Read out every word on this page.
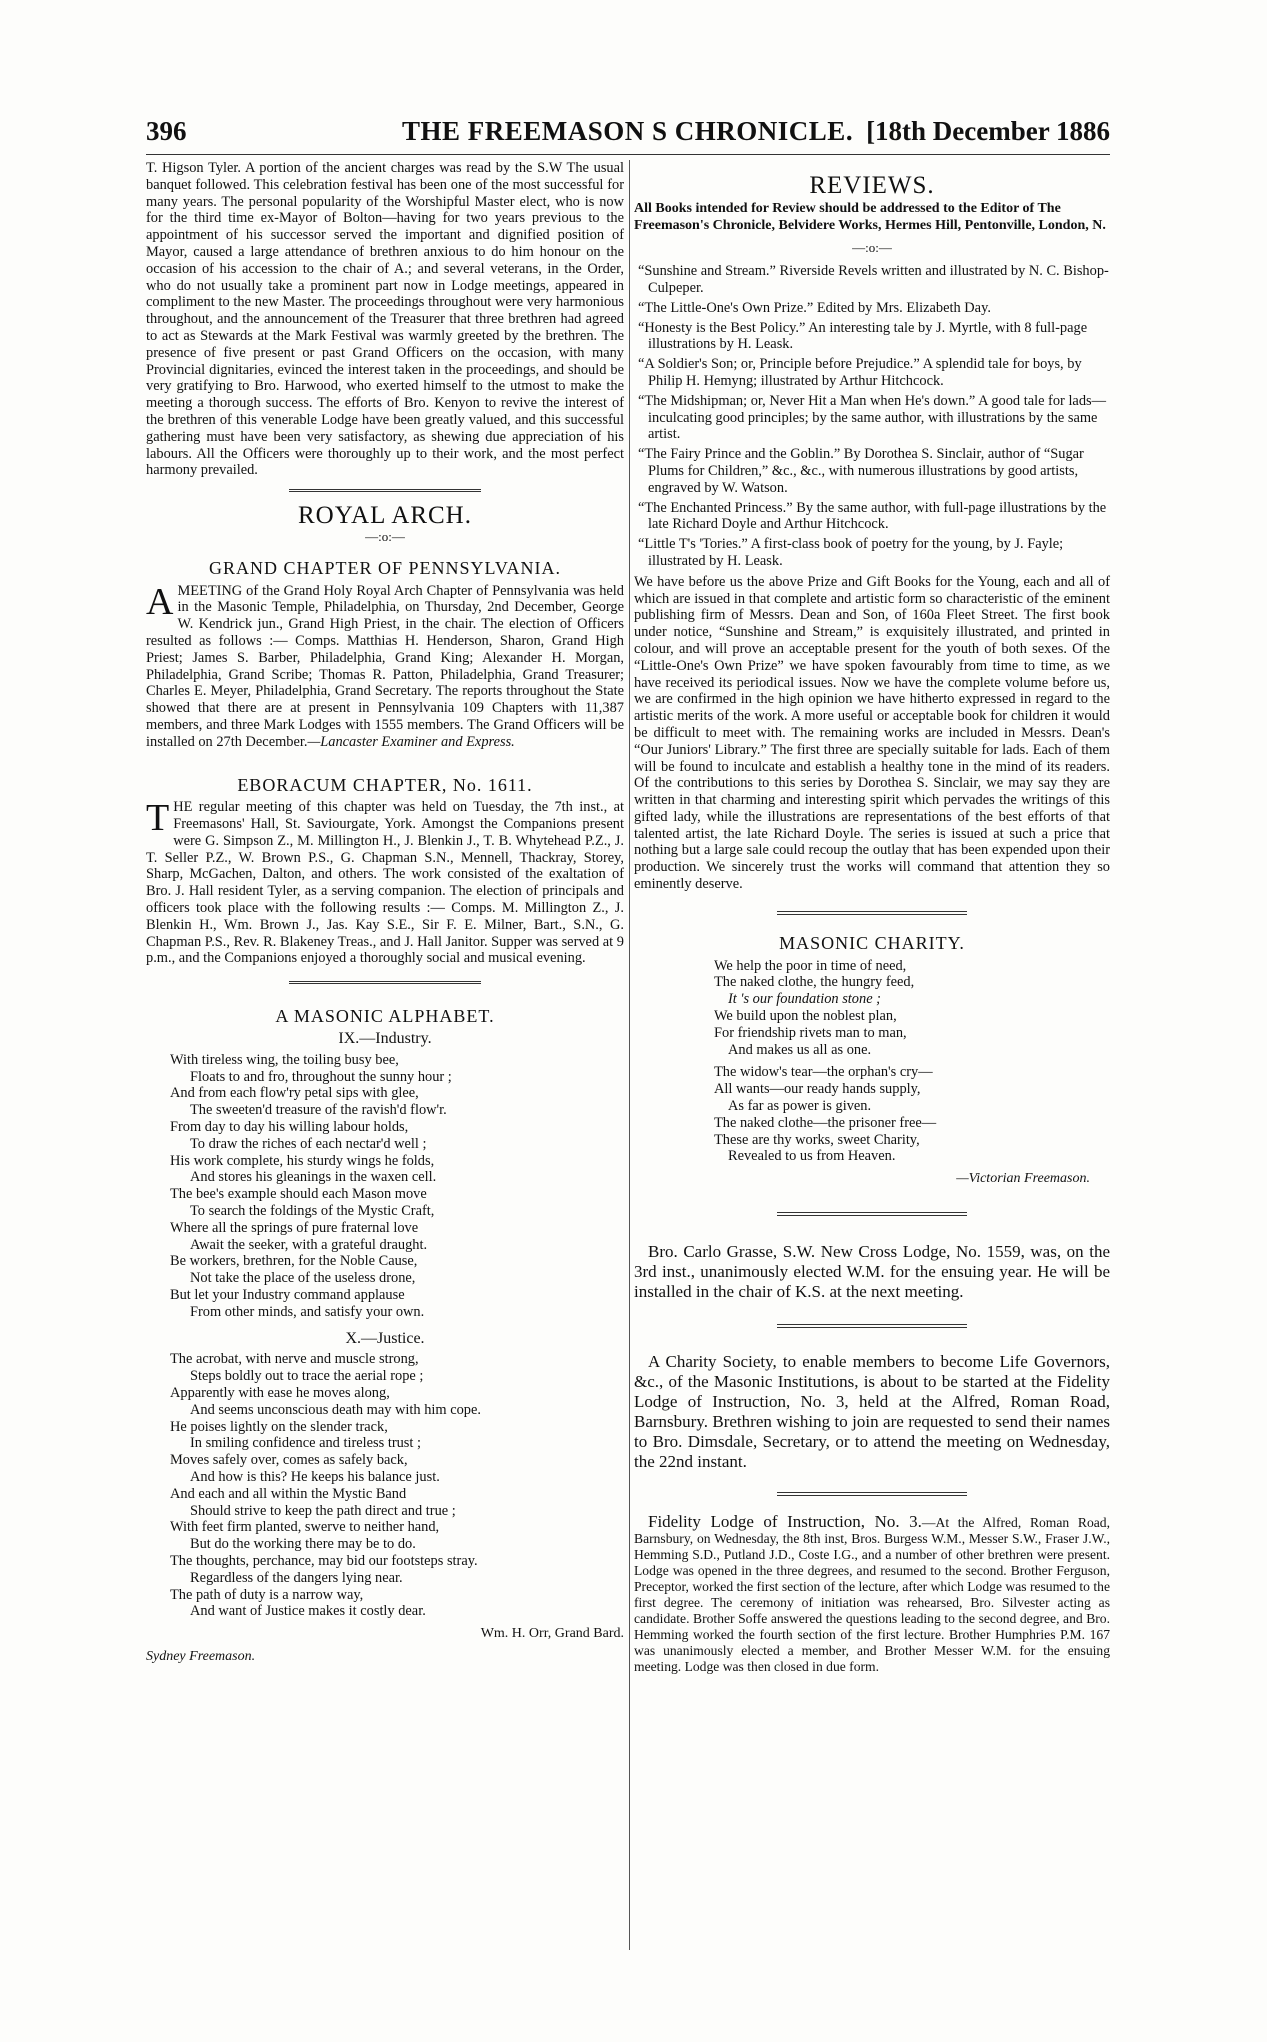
396	THE FREEMASON S CHRONICLE. [18th December 1886

T. Higson Tyler. A portion of the ancient charges was read by the S.W The usual banquet followed. This celebration festival has been one of the most successful for many years. The personal popularity of the Worshipful Master elect, who is now for the third time ex-Mayor of Bolton—having for two years previous to the appointment of his successor served the important and dignified position of Mayor, caused a large attendance of brethren anxious to do him honour on the occasion of his accession to the chair of A.; and several veterans, in the Order, who do not usually take a prominent part now in Lodge meetings, appeared in compliment to the new Master. The proceedings throughout were very harmonious throughout, and the announcement of the Treasurer that three brethren had agreed to act as Stewards at the Mark Festival was warmly greeted by the brethren. The presence of five present or past Grand Officers on the occasion, with many Provincial dignitaries, evinced the interest taken in the proceedings, and should be very gratifying to Bro. Harwood, who exerted himself to the utmost to make the meeting a thorough success. The efforts of Bro. Kenyon to revive the interest of the brethren of this venerable Lodge have been greatly valued, and this successful gathering must have been very satisfactory, as shewing due appreciation of his labours. All the Officers were thoroughly up to their work, and the most perfect harmony prevailed.

ROYAL ARCH.
—:o:—
GRAND CHAPTER OF PENNSYLVANIA.

AMEETING of the Grand Holy Royal Arch Chapter of Pennsylvania was held in the Masonic Temple, Philadelphia, on Thursday, 2nd December, George W. Kendrick jun., Grand High Priest, in the chair. The election of Officers resulted as follows :— Comps. Matthias H. Henderson, Sharon, Grand High Priest; James S. Barber, Philadelphia, Grand King; Alexander H. Morgan, Philadelphia, Grand Scribe; Thomas R. Patton, Philadelphia, Grand Treasurer; Charles E. Meyer, Philadelphia, Grand Secretary. The reports throughout the State showed that there are at present in Pennsylvania 109 Chapters with 11,387 members, and three Mark Lodges with 1555 members. The Grand Officers will be installed on 27th December.—Lancaster Examiner and Express.

EBORACUM CHAPTER, No. 1611.

THE regular meeting of this chapter was held on Tuesday, the 7th inst., at Freemasons' Hall, St. Saviourgate, York. Amongst the Companions present were G. Simpson Z., M. Millington H., J. Blenkin J., T. B. Whytehead P.Z., J. T. Seller P.Z., W. Brown P.S., G. Chapman S.N., Mennell, Thackray, Storey, Sharp, McGachen, Dalton, and others. The work consisted of the exaltation of Bro. J. Hall resident Tyler, as a serving companion. The election of principals and officers took place with the following results :— Comps. M. Millington Z., J. Blenkin H., Wm. Brown J., Jas. Kay S.E., Sir F. E. Milner, Bart., S.N., G. Chapman P.S., Rev. R. Blakeney Treas., and J. Hall Janitor. Supper was served at 9 p.m., and the Companions enjoyed a thoroughly social and musical evening.

A MASONIC ALPHABET.
IX.—Industry.
With tireless wing, the toiling busy bee,
Floats to and fro, throughout the sunny hour ;
And from each flow'ry petal sips with glee,
The sweeten'd treasure of the ravish'd flow'r.
From day to day his willing labour holds,
To draw the riches of each nectar'd well ;
His work complete, his sturdy wings he folds,
And stores his gleanings in the waxen cell.
The bee's example should each Mason move
To search the foldings of the Mystic Craft,
Where all the springs of pure fraternal love
Await the seeker, with a grateful draught.
Be workers, brethren, for the Noble Cause,
Not take the place of the useless drone,
But let your Industry command applause
From other minds, and satisfy your own.
X.—Justice.
The acrobat, with nerve and muscle strong,
Steps boldly out to trace the aerial rope ;
Apparently with ease he moves along,
And seems unconscious death may with him cope.
He poises lightly on the slender track,
In smiling confidence and tireless trust ;
Moves safely over, comes as safely back,
And how is this? He keeps his balance just.
And each and all within the Mystic Band
Should strive to keep the path direct and true ;
With feet firm planted, swerve to neither hand,
But do the working there may be to do.
The thoughts, perchance, may bid our footsteps stray.
Regardless of the dangers lying near.
The path of duty is a narrow way,
And want of Justice makes it costly dear.
Wm. H. Orr, Grand Bard.
Sydney Freemason.
REVIEWS.
All Books intended for Review should be addressed to the Editor of The Freemason's Chronicle, Belvidere Works, Hermes Hill, Pentonville, London, N.
—:o:—
“Sunshine and Stream.” Riverside Revels written and illustrated by N. C. Bishop-Culpeper.
“The Little-One's Own Prize.” Edited by Mrs. Elizabeth Day.
“Honesty is the Best Policy.” An interesting tale by J. Myrtle, with 8 full-page illustrations by H. Leask.
“A Soldier's Son; or, Principle before Prejudice.” A splendid tale for boys, by Philip H. Hemyng; illustrated by Arthur Hitchcock.
“The Midshipman; or, Never Hit a Man when He's down.” A good tale for lads—inculcating good principles; by the same author, with illustrations by the same artist.
“The Fairy Prince and the Goblin.” By Dorothea S. Sinclair, author of “Sugar Plums for Children,” &c., &c., with numerous illustrations by good artists, engraved by W. Watson.
“The Enchanted Princess.” By the same author, with full-page illustrations by the late Richard Doyle and Arthur Hitchcock.
“Little T's 'Tories.” A first-class book of poetry for the young, by J. Fayle; illustrated by H. Leask.

We have before us the above Prize and Gift Books for the Young, each and all of which are issued in that complete and artistic form so characteristic of the eminent publishing firm of Messrs. Dean and Son, of 160a Fleet Street. The first book under notice, “Sunshine and Stream,” is exquisitely illustrated, and printed in colour, and will prove an acceptable present for the youth of both sexes. Of the “Little-One's Own Prize” we have spoken favourably from time to time, as we have received its periodical issues. Now we have the complete volume before us, we are confirmed in the high opinion we have hitherto expressed in regard to the artistic merits of the work. A more useful or acceptable book for children it would be difficult to meet with. The remaining works are included in Messrs. Dean's “Our Juniors' Library.” The first three are specially suitable for lads. Each of them will be found to inculcate and establish a healthy tone in the mind of its readers. Of the contributions to this series by Dorothea S. Sinclair, we may say they are written in that charming and interesting spirit which pervades the writings of this gifted lady, while the illustrations are representations of the best efforts of that talented artist, the late Richard Doyle. The series is issued at such a price that nothing but a large sale could recoup the outlay that has been expended upon their production. We sincerely trust the works will command that attention they so eminently deserve.

MASONIC CHARITY.
We help the poor in time of need,
The naked clothe, the hungry feed,
It 's our foundation stone ;
We build upon the noblest plan,
For friendship rivets man to man,
And makes us all as one.
The widow's tear—the orphan's cry—
All wants—our ready hands supply,
As far as power is given.
The naked clothe—the prisoner free—
These are thy works, sweet Charity,
Revealed to us from Heaven.
—Victorian Freemason.

Bro. Carlo Grasse, S.W. New Cross Lodge, No. 1559, was, on the 3rd inst., unanimously elected W.M. for the ensuing year. He will be installed in the chair of K.S. at the next meeting.

A Charity Society, to enable members to become Life Governors, &c., of the Masonic Institutions, is about to be started at the Fidelity Lodge of Instruction, No. 3, held at the Alfred, Roman Road, Barnsbury. Brethren wishing to join are requested to send their names to Bro. Dimsdale, Secretary, or to attend the meeting on Wednesday, the 22nd instant.

Fidelity Lodge of Instruction, No. 3.—At the Alfred, Roman Road, Barnsbury, on Wednesday, the 8th inst, Bros. Burgess W.M., Messer S.W., Fraser J.W., Hemming S.D., Putland J.D., Coste I.G., and a number of other brethren were present. Lodge was opened in the three degrees, and resumed to the second. Brother Ferguson, Preceptor, worked the first section of the lecture, after which Lodge was resumed to the first degree. The ceremony of initiation was rehearsed, Bro. Silvester acting as candidate. Brother Soffe answered the questions leading to the second degree, and Bro. Hemming worked the fourth section of the first lecture. Brother Humphries P.M. 167 was unanimously elected a member, and Brother Messer W.M. for the ensuing meeting. Lodge was then closed in due form.
